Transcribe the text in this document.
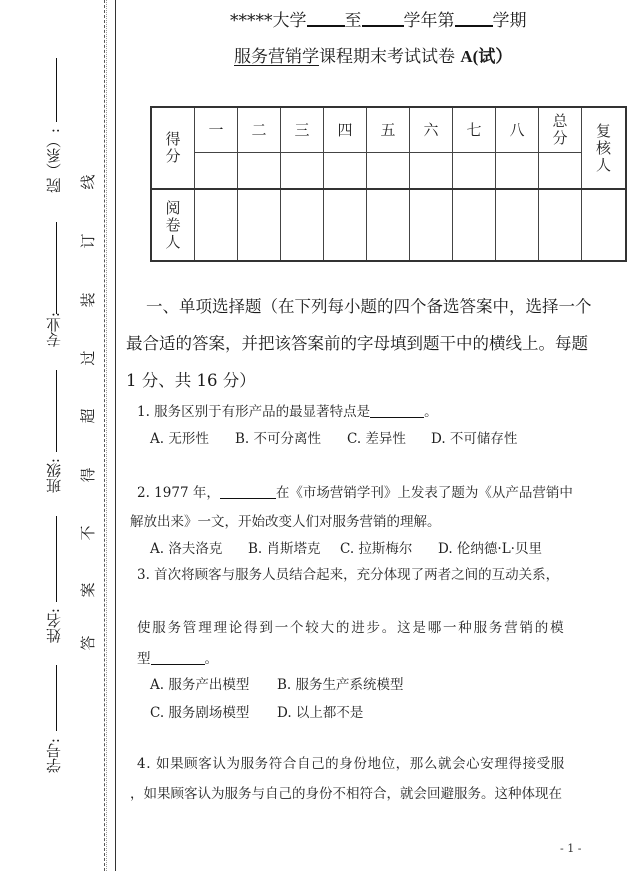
院（系）:
专业:
班级:
姓名:
学号:
线
订
装
过
超
得
不
案
答
*****大学 至 学年第 学期
服务营销学课程期末考试试卷 A(试）
得分	一	二	三	四	五	六	七	八	总分	复核人

阅卷人										
一、单项选择题（在下列每小题的四个备选答案中，选择一个最合适的答案，并把该答案前的字母填到题干中的横线上。每题 1 分、共 16 分）
1. 服务区别于有形产品的最显著特点是	。
A. 无形性 B. 不可分离性 C. 差异性 D. 不可储存性
2. 1977 年，	在《市场营销学刊》上发表了题为《从产品营销中
解放出来》一文，开始改变人们对服务营销的理解。
A. 洛夫洛克 B. 肖斯塔克 C. 拉斯梅尔 D. 伦纳德·L·贝里
3. 首次将顾客与服务人员结合起来，充分体现了两者之间的互动关系，
使服务管理理论得到一个较大的进步。这是哪一种服务营销的模
型	。
A. 服务产出模型 B. 服务生产系统模型
C. 服务剧场模型 D. 以上都不是
4. 如果顾客认为服务符合自己的身份地位，那么就会心安理得接受服
，如果顾客认为服务与自己的身份不相符合，就会回避服务。这种体现在
- 1 -
